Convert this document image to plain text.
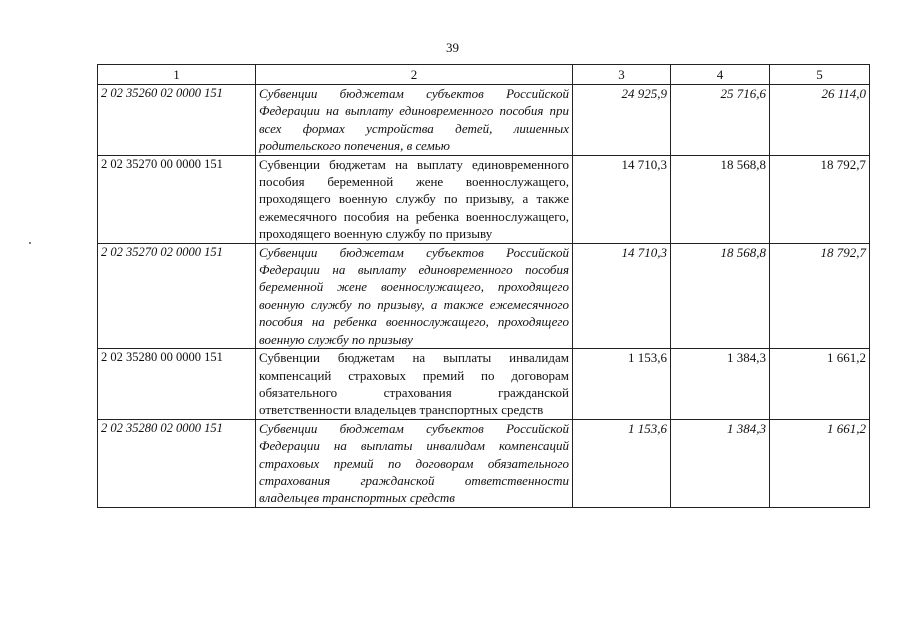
39
1	2	3	4	5
2 02 35260 02 0000 151	Субвенции бюджетам субъектов Российской Федерации на выплату единовременного пособия при всех формах устройства детей, лишенных родительского попечения, в семью	24 925,9	25 716,6	26 114,0
2 02 35270 00 0000 151	Субвенции бюджетам на выплату единовременного пособия беременной жене военнослужащего, проходящего военную службу по призыву, а также ежемесячного пособия на ребенка военнослужащего, проходящего военную службу по призыву	14 710,3	18 568,8	18 792,7
2 02 35270 02 0000 151	Субвенции бюджетам субъектов Российской Федерации на выплату единовременного пособия беременной жене военнослужащего, проходящего военную службу по призыву, а также ежемесячного пособия на ребенка военнослужащего, проходящего военную службу по призыву	14 710,3	18 568,8	18 792,7
2 02 35280 00 0000 151	Субвенции бюджетам на выплаты инвалидам компенсаций страховых премий по договорам обязательного страхования гражданской ответственности владельцев транспортных средств	1 153,6	1 384,3	1 661,2
2 02 35280 02 0000 151	Субвенции бюджетам субъектов Российской Федерации на выплаты инвалидам компенсаций страховых премий по договорам обязательного страхования гражданской ответственности владельцев транспортных средств	1 153,6	1 384,3	1 661,2
